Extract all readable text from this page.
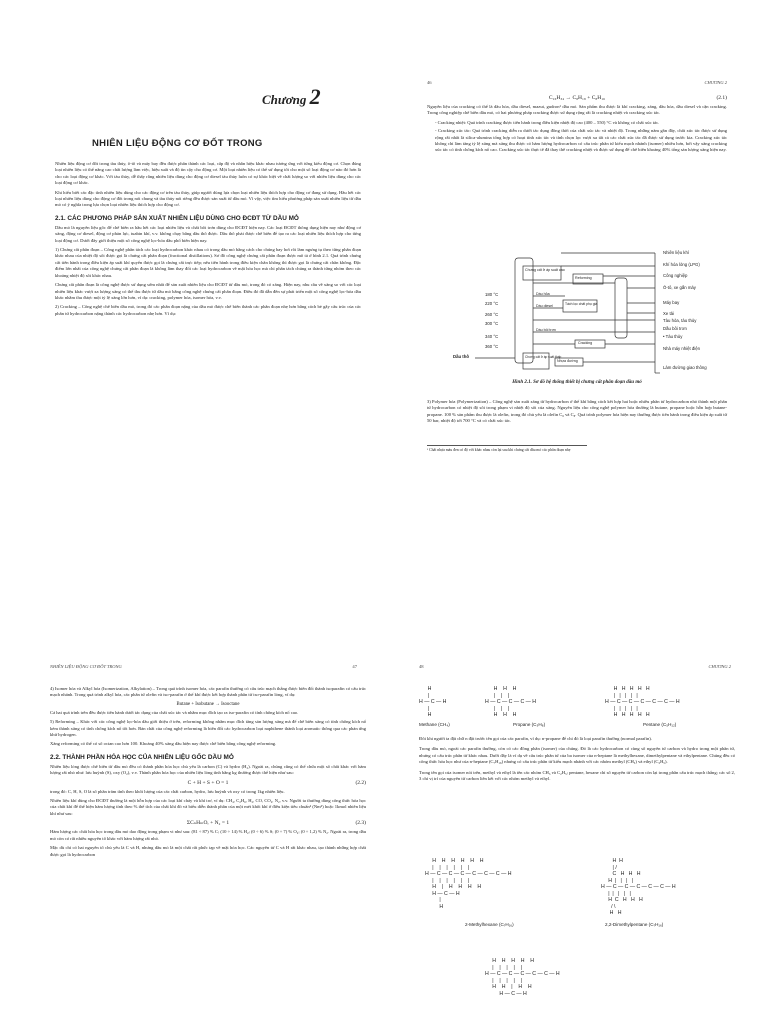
Chương 2
NHIÊN LIỆU ĐỘNG CƠ ĐỐT TRONG

Nhiên liệu động cơ đốt trong tàu thủy, ô-tô và máy bay đều được phân thành các loại, cấp độ và nhãn hiệu khác nhau tương ứng với từng kiểu động cơ. Chọn đúng loại nhiên liệu có thể nâng cao chất lượng làm việc, hiệu suất và độ tin cậy cho động cơ. Một loại nhiên liệu có thể sử dụng tốt cho một số loại động cơ nào đó hơn là cho các loại động cơ khác. Với tàu thủy, dễ thấy rằng nhiên liệu dùng cho động cơ diesel tàu thủy luôn có sự khác biệt về chất lượng so với nhiên liệu dùng cho các loại động cơ khác.

Khi hiểu biết các đặc tính nhiên liệu dùng cho các động cơ trên tàu thủy, giúp người dùng lựa chọn loại nhiên liệu thích hợp cho động cơ đang sử dụng. Hầu hết các loại nhiên liệu dùng cho động cơ đốt trong nói chung và tàu thủy nói riêng đều được sản xuất từ dầu mỏ. Vì vậy, việc tìm hiểu phương pháp sản xuất nhiên liệu từ dầu mỏ có ý nghĩa trong lựa chọn loại nhiên liệu thích hợp cho động cơ.

2.1. CÁC PHƯƠNG PHÁP SẢN XUẤT NHIÊN LIỆU DÙNG CHO ĐCĐT TỪ DẦU MỎ

Dầu mỏ là nguyên liệu gốc để chế biến ra hầu hết các loại nhiên liệu và chất bôi trơn dùng cho ĐCĐT hiện nay. Các loại ĐCĐT thông dụng hiện nay như động cơ xăng, động cơ diesel, động cơ phản lực, tuabin khí, v.v. không chạy bằng dầu thô được. Dầu thô phải được chế biến để tạo ra các loại nhiên liệu thích hợp cho từng loại động cơ. Dưới đây giới thiệu một số công nghệ lọc-hóa dầu phổ biến hiện nay.

1) Chưng cất phân đoạn – Công nghệ phân tách các loại hydrocarbon khác nhau có trong dầu mỏ bằng cách cho chúng bay hơi rồi làm ngưng tụ theo từng phân đoạn khác nhau của nhiệt độ sôi được gọi là chưng cất phân đoạn (fractional distillations). Sơ đồ công nghệ chưng cất phân đoạn được mô tả ở hình 2.1. Quá trình chưng cất tiến hành trong điều kiện áp suất khí quyển được gọi là chưng cất trực tiếp; nếu tiến hành trong điều kiện chân không thì được gọi là chưng cất chân không. Đặc điểm lớn nhất của công nghệ chưng cất phân đoạn là không làm thay đổi các loại hydrocarbon về mặt hóa học mà chỉ phân tách chúng ra thành từng nhóm theo các khoảng nhiệt độ sôi khác nhau.

Chưng cất phân đoạn là công nghệ được sử dụng sớm nhất để sản xuất nhiên liệu cho ĐCĐT từ dầu mỏ, trong đó có xăng. Hiện nay, nhu cầu về xăng so với các loại nhiên liệu khác vượt xa lượng xăng có thể thu được từ dầu mỏ bằng công nghệ chưng cất phân đoạn. Điều đó đã dẫn đến sự phát triển một số công nghệ lọc-hóa dầu khác nhằm thu được một tỷ lệ xăng lớn hơn, ví dụ: cracking, polymer hóa, isomer hóa, v.v.

2) Cracking – Công nghệ chế biến dầu mỏ, trong đó các phân đoạn nặng của dầu mỏ được chế biến thành các phân đoạn nhẹ hơn bằng cách bẻ gãy cấu trúc của các phân tử hydrocarbon nặng thành các hydrocarbon nhẹ hơn. Ví dụ:

46	CHƯƠNG 2
C₁₆H₃₄ → C₈H₁₈ + C₈H₁₆	(2.1)

Nguyên liệu của cracking có thể là dầu hỏa, dầu diesel, mazut, gudron¹ dầu mỏ. Sản phẩm thu được là khí cracking, xăng, dầu hỏa, dầu diesel và cặn cracking. Trong công nghiệp chế biến dầu mỏ, có hai phương pháp cracking được sử dụng rộng rãi là cracking nhiệt và cracking xúc tác.

- Cracking nhiệt: Quá trình cracking được tiến hành trong điều kiện nhiệt độ cao (400 – 550) °C và không có chất xúc tác.

- Cracking xúc tác: Quá trình cracking diễn ra dưới tác dụng đồng thời của chất xúc tác và nhiệt độ. Trong những năm gần đây, chất xúc tác được sử dụng rộng rãi nhất là silica-alumina tổng hợp có hoạt tính xúc tác và tính chọn lọc vượt xa tất cả các chất xúc tác đã được sử dụng trước kia. Cracking xúc tác không chỉ làm tăng tỷ lệ xăng mà xăng thu được có hàm lượng hydrocarbon có cấu trúc phân tử kiểu mạch nhánh (isomer) nhiều hơn, bởi vậy xăng cracking xúc tác có tính chống kích nổ cao. Cracking xúc tác thực tế đã thay thế cracking nhiệt và được sử dụng để chế biến khoảng 40% tổng sản lượng xăng hiện nay.

180 °C
220 °C
260 °C
300 °C
340 °C
360 °C
Dầu thô
Chưng cất ở áp suất cao
Reforming
Dầu hỏa
Dầu diesel	Tách lọc chất phụ gia
Dầu bôi trơn
Cracking
Chưng cất ở áp suất thấp
Nhựa đường
Nhiên liệu khí
Khí hóa lỏng (LPG)
Công nghiệp
Ô-tô, xe gắn máy
Máy bay
Xe tải
Tàu hỏa, tàu thủy
Dầu bôi trơn
• Tàu thủy
Nhà máy nhiệt điện
Làm đường giao thông
Hình 2.1. Sơ đồ hệ thống thiết bị chưng cất phân đoạn dầu mỏ

3) Polymer hóa (Polymerization) – Công nghệ sản xuất xăng từ hydrocarbon ở thể khí bằng cách kết hợp hai hoặc nhiều phân tử hydrocarbon nhỏ thành một phân tử hydrocarbon có nhiệt độ sôi trong phạm vi nhiệt độ sôi của xăng. Nguyên liệu cho công nghệ polymer hóa thường là butane, propane hoặc hỗn hợp butane-propane. 100 % sản phẩm thu được là olefin, trong đó chủ yếu là olefin C₆ và C₈. Quá trình polymer hóa hiện nay thường được tiến hành trong điều kiện áp suất từ 50 bar, nhiệt độ tới 700 °C và có chất xúc tác.

¹ Chất nhựa màu đen có độ với khác nhau còn lại sau khi chưng cất dầu mỏ các phân đoạn nhẹ
NHIÊN LIỆU ĐỘNG CƠ ĐỐT TRONG	47

4) Isomer hóa và Alkyl hóa (Isomerization, Alkylation) – Trong quá trình isomer hóa, các parafin thường có cấu trúc mạch thẳng được biến đổi thành isoparafin có cấu trúc mạch nhánh. Trong quá trình alkyl hóa, các phân tử olefin và iso-parafin ở thể khí được kết hợp thành phân tử iso-parafin lỏng, ví dụ:

Butane + Isobutane → Isooctane

Cả hai quá trình trên đều được tiến hành dưới tác dụng của chất xúc tác và nhằm mục đích tạo ra iso-parafin có tính chống kích nổ cao.

5) Reforming – Khác với các công nghệ lọc-hóa dầu giới thiệu ở trên, reforming không nhằm mục đích tăng sản lượng xăng mà để chế biến xăng có tính chống kích nổ kém thành xăng có tính chống kích nổ tốt hơn. Bản chất của công nghệ reforming là biến đổi các hydrocarbon loại naphthene thành loại aromatic thông qua các phản ứng khử hydrogen.

Xăng reforming có thể có số octan cao hơn 100. Khoảng 40% xăng dầu hiện nay được chế biến bằng công nghệ reforming.

2.2. THÀNH PHẦN HÓA HỌC CỦA NHIÊN LIỆU GỐC DẦU MỎ

Nhiên liệu lỏng được chế biến từ dầu mỏ đều có thành phần hóa học chủ yếu là carbon (C) và hydro (H₂). Ngoài ra, chúng cũng có thể chứa một số chất khác với hàm lượng rất nhỏ như: lưu huỳnh (S), oxy (O₂), v.v. Thành phần hóa học của nhiên liệu lỏng tính bằng kg thường được thể hiện như sau:

C + H + S + O = 1	(2.2)

trong đó: C, H, S, O là số phần trăm tính theo khối lượng của các chất carbon, hydro, lưu huỳnh và oxy có trong 1kg nhiên liệu.

Nhiên liệu khí dùng cho ĐCĐT thường là một hỗn hợp của các loại khí cháy và khí trơ, ví dụ: CH₄, C₂H₆, H₂, CO, CO₂, N₂, v.v. Người ta thường dùng công thức hóa học của chất khí để thể hiện hàm lượng tính theo % thể tích của chất khí đó và biểu diễn thành phần của một mét khối khí ở điều kiện tiêu chuẩn² (Nm³) hoặc 1kmol nhiên liệu khí như sau:

ΣCₙHₘOᵣ + N₂ = 1	(2.3)

Hàm lượng các chất hóa học trong dầu mỏ dao động trong phạm vi như sau: (81 ÷ 87) % C; (10 ÷ 14) % H₂; (0 ÷ 6) % S; (0 ÷ 7) % O₂; (0 ÷ 1,2) % N₂. Ngoài ra, trong dầu mỏ còn có rất nhiều nguyên tố khác với hàm lượng rất nhỏ.

Mặc dù chỉ có hai nguyên tố chủ yếu là C và H, nhưng dầu mỏ là một chất rất phức tạp về mặt hóa học. Các nguyên tử C và H rất khác nhau, tạo thành những hợp chất được gọi là hydrocarbon

48	CHƯƠNG 2
H
|
H — C — H
|
H
H    H    H
|    |    |
H — C — C — C — H
|    |    |
H    H    H
H   H   H   H   H
|   |   |   |   |
H — C — C — C — C — C — H
|   |   |   |   |
H   H   H   H   H
Methane (CH₄)	Propane (C₃H₈)	Pentane (C₅H₁₂)

Đôi khi người ta đặt chữ n đặt trước tên gọi của các parafin, ví dụ: n-propane để chỉ đó là loại parafin thường (normal parafin).

Trong dầu mỏ, ngoài các parafin thường, còn có các đồng phân (isomer) của chúng. Đó là các hydrocarbon có cùng số nguyên tử carbon và hydro trong một phân tử, nhưng có cấu trúc phân tử khác nhau. Dưới đây là ví dụ về cấu trúc phân tử của ba isomer của n-heptane là methylhexane, dimethylpentane và ethylpentane. Chúng đều có công thức hóa học như của n-heptane (C₇H₁₆) nhưng có cấu trúc phân tử kiểu mạch nhánh với các nhóm methyl (CH₃) và ethyl (C₂H₅).

Trong tên gọi của isomer nói trên, methyl và ethyl là tên các nhóm CH₃ và C₂H₅; pentane, hexane chỉ số nguyên tử carbon còn lại trong phần cấu trúc mạch thẳng; các số 2, 3 chỉ vị trí của nguyên tử carbon liên kết với các nhóm methyl và ethyl.

H    H    H    H    H    H
|    |    |    |    |    |
H — C — C — C — C — C — C — H
|    |    |    |    |    |
H    |    H    H    H    H
H — C — H
|
H
H  H
| /
C   H   H   H
H  |   |   |   |
H — C — C — C — C — C — H
|  |   |   |   |
H  C   H   H   H
/ \
H   H
2-Methylhexane (C₇H₁₆)	2,2-Dimethylpentane (C₇H₁₆)
H    H    H    H    H
|    |    |    |    |
H — C — C — C — C — C — H
|    |    |    |    |
H    H    |    H    H
H — C — H
